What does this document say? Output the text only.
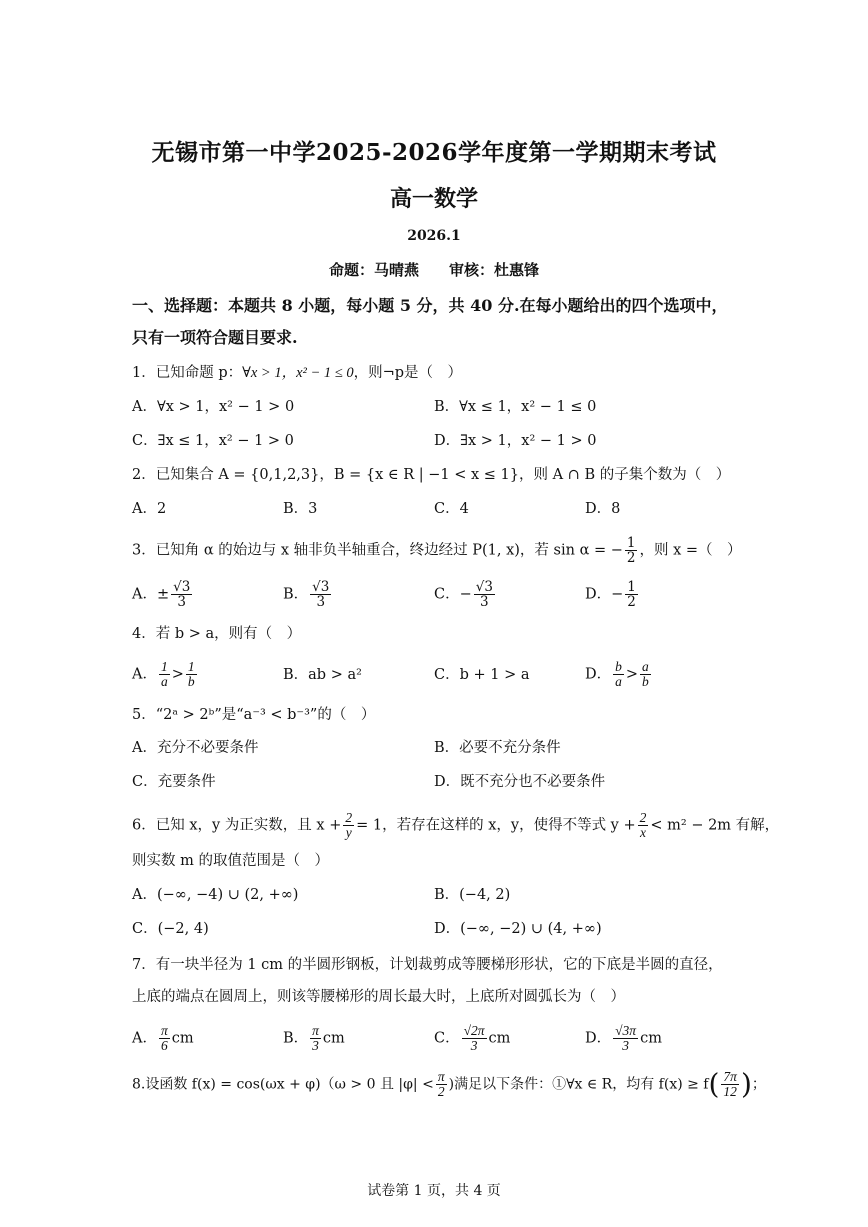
无锡市第一中学2025-2026学年度第一学期期末考试
高一数学
2026.1
命题：马晴燕　　审核：杜惠锋
一、选择题：本题共 8 小题，每小题 5 分，共 40 分.在每小题给出的四个选项中，
只有一项符合题目要求.
1．已知命题 p：∀x > 1，x² − 1 ≤ 0，则¬p是（　）
A．∀x > 1，x² − 1 > 0	B．∀x ≤ 1，x² − 1 ≤ 0
C．∃x ≤ 1，x² − 1 > 0	D．∃x > 1，x² − 1 > 0
2．已知集合 A = {0,1,2,3}，B = {x ∈ R | −1 < x ≤ 1}，则 A ∩ B 的子集个数为（　）
A．2	B．3	C．4	D．8
3．已知角 α 的始边与 x 轴非负半轴重合，终边经过 P(1, x)，若 sin α = − $\frac{1}{2}$ ，则 x =（　）
A．± $\frac{√3}{3}$	B． $\frac{√3}{3}$	C．− $\frac{√3}{3}$	D．− $\frac{1}{2}$
4．若 b > a，则有（　）
A． $\frac{1}{a} > \frac{1}{b}$	B．ab > a²	C．b + 1 > a	D． $\frac{b}{a} > \frac{a}{b}$
5．“2ᵃ > 2ᵇ”是“a⁻³ < b⁻³”的（　）
A．充分不必要条件	B．必要不充分条件
C．充要条件	D．既不充分也不必要条件
6．已知 x，y 为正实数，且 $x + \frac{2}{y} = 1$，若存在这样的 x，y，使得不等式 $y + \frac{2}{x} < m^2 - 2m$ 有解，
则实数 m 的取值范围是（　）
A．(−∞, −4) ∪ (2, +∞)	B．(−4, 2)
C．(−2, 4)	D．(−∞, −2) ∪ (4, +∞)
7．有一块半径为 1 cm 的半圆形钢板，计划裁剪成等腰梯形形状，它的下底是半圆的直径，
上底的端点在圆周上，则该等腰梯形的周长最大时，上底所对圆弧长为（　）
A． $\frac{\pi}{6}$ cm	B． $\frac{\pi}{3}$ cm	C． $\frac{√2\pi}{3}$ cm	D． $\frac{√3\pi}{3}$ cm
8.设函数 f(x) = cos(ωx + φ)（ω > 0 且 $|\varphi| < \frac{\pi}{2}$ )满足以下条件：①∀x ∈ R，均有 $f(x) \ge f( \frac{7\pi}{12}$ )；
试卷第 1 页，共 4 页
